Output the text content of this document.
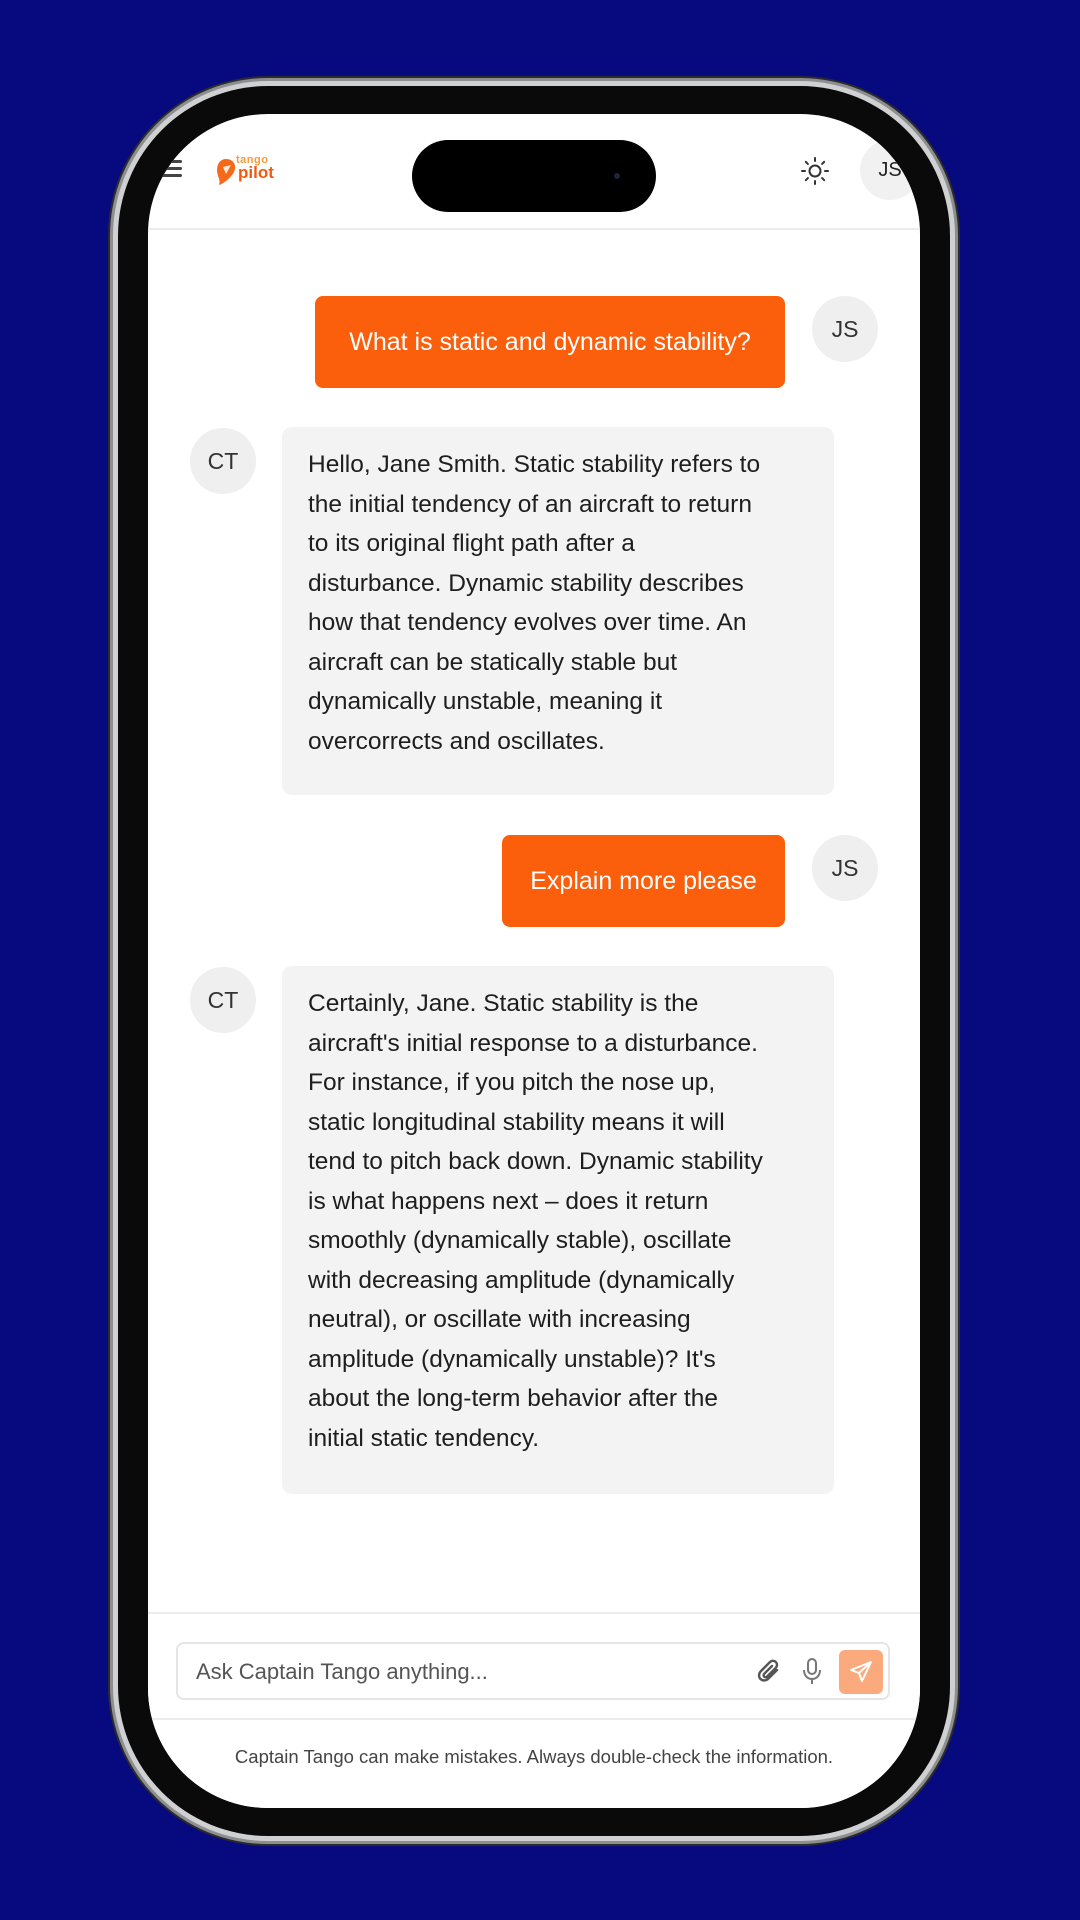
tango
pilot	JS
What is static and dynamic stability?	JS
CT	Hello, Jane Smith. Static stability refers to
the initial tendency of an aircraft to return
to its original flight path after a
disturbance. Dynamic stability describes
how that tendency evolves over time. An
aircraft can be statically stable but
dynamically unstable, meaning it
overcorrects and oscillates.
Explain more please	JS
CT	Certainly, Jane. Static stability is the
aircraft's initial response to a disturbance.
For instance, if you pitch the nose up,
static longitudinal stability means it will
tend to pitch back down. Dynamic stability
is what happens next – does it return
smoothly (dynamically stable), oscillate
with decreasing amplitude (dynamically
neutral), or oscillate with increasing
amplitude (dynamically unstable)? It's
about the long-term behavior after the
initial static tendency.
Ask Captain Tango anything...
Captain Tango can make mistakes. Always double-check the information.
